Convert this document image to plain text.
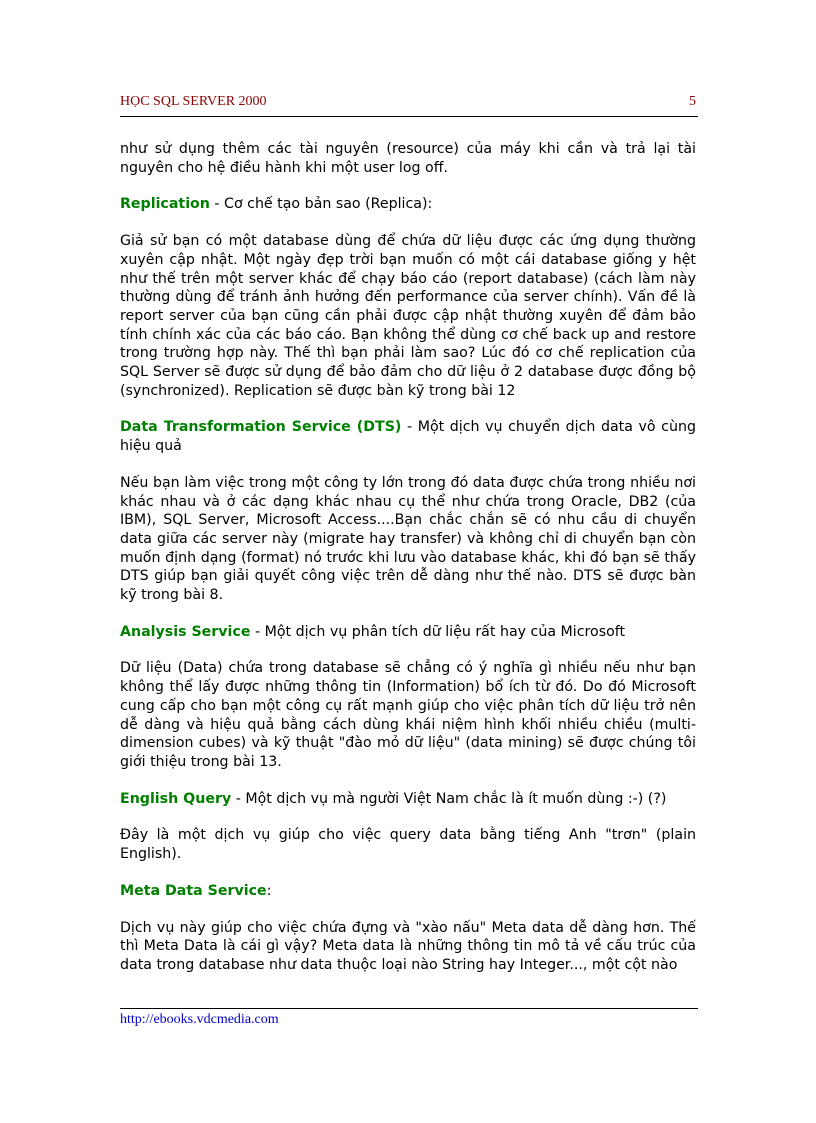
HỌC SQL SERVER 2000	5

như sử dụng thêm các tài nguyên (resource) của máy khi cần và trả lại tài nguyên cho hệ điều hành khi một user log off.

Replication - Cơ chế tạo bản sao (Replica):

Giả sử bạn có một database dùng để chứa dữ liệu được các ứng dụng thường xuyên cập nhật. Một ngày đẹp trời bạn muốn có một cái database giống y hệt như thế trên một server khác để chạy báo cáo (report database) (cách làm này thường dùng để tránh ảnh hưởng đến performance của server chính). Vấn đề là report server của bạn cũng cần phải được cập nhật thường xuyên để đảm bảo tính chính xác của các báo cáo. Bạn không thể dùng cơ chế back up and restore trong trường hợp này. Thế thì bạn phải làm sao? Lúc đó cơ chế replication của SQL Server sẽ được sử dụng để bảo đảm cho dữ liệu ở 2 database được đồng bộ (synchronized). Replication sẽ được bàn kỹ trong bài 12

Data Transformation Service (DTS) - Một dịch vụ chuyển dịch data vô cùng hiệu quả

Nếu bạn làm việc trong một công ty lớn trong đó data được chứa trong nhiều nơi khác nhau và ở các dạng khác nhau cụ thể như chứa trong Oracle, DB2 (của IBM), SQL Server, Microsoft Access....Bạn chắc chắn sẽ có nhu cầu di chuyển data giữa các server này (migrate hay transfer) và không chỉ di chuyển bạn còn muốn định dạng (format) nó trước khi lưu vào database khác, khi đó bạn sẽ thấy DTS giúp bạn giải quyết công việc trên dễ dàng như thế nào. DTS sẽ được bàn kỹ trong bài 8.

Analysis Service - Một dịch vụ phân tích dữ liệu rất hay của Microsoft

Dữ liệu (Data) chứa trong database sẽ chẳng có ý nghĩa gì nhiều nếu như bạn không thể lấy được những thông tin (Information) bổ ích từ đó. Do đó Microsoft cung cấp cho bạn một công cụ rất mạnh giúp cho việc phân tích dữ liệu trở nên dễ dàng và hiệu quả bằng cách dùng khái niệm hình khối nhiều chiều (multi-dimension cubes) và kỹ thuật "đào mỏ dữ liệu" (data mining) sẽ được chúng tôi giới thiệu trong bài 13.

English Query - Một dịch vụ mà người Việt Nam chắc là ít muốn dùng :-) (?)

Đây là một dịch vụ giúp cho việc query data bằng tiếng Anh "trơn" (plain English).

Meta Data Service:

Dịch vụ này giúp cho việc chứa đựng và "xào nấu" Meta data dễ dàng hơn. Thế thì Meta Data là cái gì vậy? Meta data là những thông tin mô tả về cấu trúc của data trong database như data thuộc loại nào String hay Integer..., một cột nào

http://ebooks.vdcmedia.com
